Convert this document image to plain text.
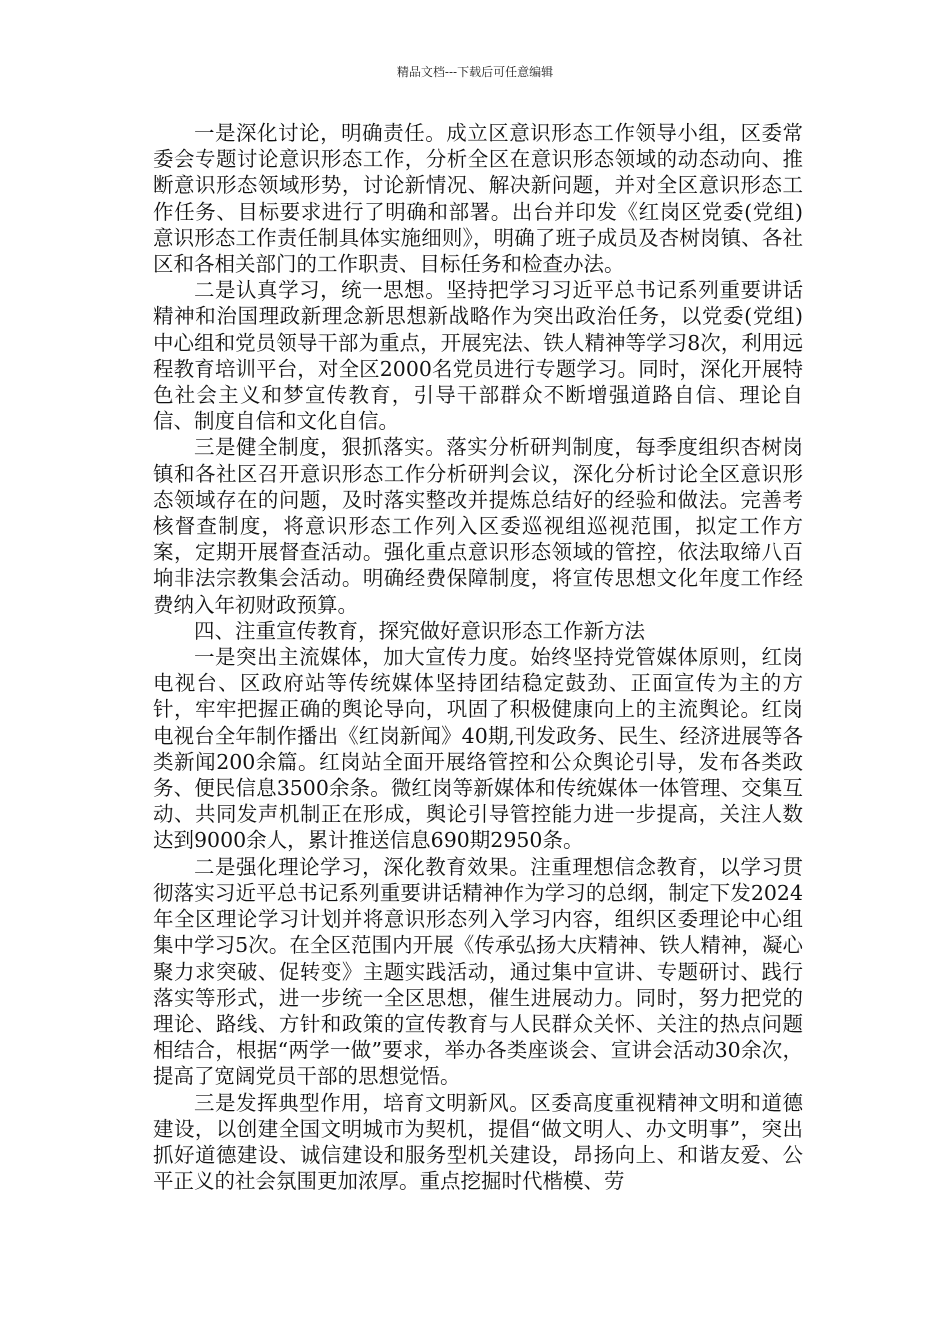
精品文档---下载后可任意编辑

一是深化讨论，明确责任。成立区意识形态工作领导小组，区委常委会专题讨论意识形态工作，分析全区在意识形态领域的动态动向、推断意识形态领域形势，讨论新情况、解决新问题，并对全区意识形态工作任务、目标要求进行了明确和部署。出台并印发《红岗区党委(党组)意识形态工作责任制具体实施细则》，明确了班子成员及杏树岗镇、各社区和各相关部门的工作职责、目标任务和检查办法。

二是认真学习，统一思想。坚持把学习习近平总书记系列重要讲话精神和治国理政新理念新思想新战略作为突出政治任务，以党委(党组)中心组和党员领导干部为重点，开展宪法、铁人精神等学习8次，利用远程教育培训平台，对全区2000名党员进行专题学习。同时，深化开展特色社会主义和梦宣传教育，引导干部群众不断增强道路自信、理论自信、制度自信和文化自信。

三是健全制度，狠抓落实。落实分析研判制度，每季度组织杏树岗镇和各社区召开意识形态工作分析研判会议，深化分析讨论全区意识形态领域存在的问题，及时落实整改并提炼总结好的经验和做法。完善考核督查制度，将意识形态工作列入区委巡视组巡视范围，拟定工作方案，定期开展督查活动。强化重点意识形态领域的管控，依法取缔八百垧非法宗教集会活动。明确经费保障制度，将宣传思想文化年度工作经费纳入年初财政预算。

四、注重宣传教育，探究做好意识形态工作新方法

一是突出主流媒体，加大宣传力度。始终坚持党管媒体原则，红岗电视台、区政府站等传统媒体坚持团结稳定鼓劲、正面宣传为主的方针，牢牢把握正确的舆论导向，巩固了积极健康向上的主流舆论。红岗电视台全年制作播出《红岗新闻》40期,刊发政务、民生、经济进展等各类新闻200余篇。红岗站全面开展络管控和公众舆论引导，发布各类政务、便民信息3500余条。微红岗等新媒体和传统媒体一体管理、交集互动、共同发声机制正在形成，舆论引导管控能力进一步提高，关注人数达到9000余人，累计推送信息690期2950条。

二是强化理论学习，深化教育效果。注重理想信念教育，以学习贯彻落实习近平总书记系列重要讲话精神作为学习的总纲，制定下发2024年全区理论学习计划并将意识形态列入学习内容，组织区委理论中心组集中学习5次。在全区范围内开展《传承弘扬大庆精神、铁人精神，凝心聚力求突破、促转变》主题实践活动，通过集中宣讲、专题研讨、践行落实等形式，进一步统一全区思想，催生进展动力。同时，努力把党的理论、路线、方针和政策的宣传教育与人民群众关怀、关注的热点问题相结合，根据“两学一做”要求，举办各类座谈会、宣讲会活动30余次，提高了宽阔党员干部的思想觉悟。

三是发挥典型作用，培育文明新风。区委高度重视精神文明和道德建设，以创建全国文明城市为契机，提倡“做文明人、办文明事”，突出抓好道德建设、诚信建设和服务型机关建设，昂扬向上、和谐友爱、公平正义的社会氛围更加浓厚。重点挖掘时代楷模、劳
